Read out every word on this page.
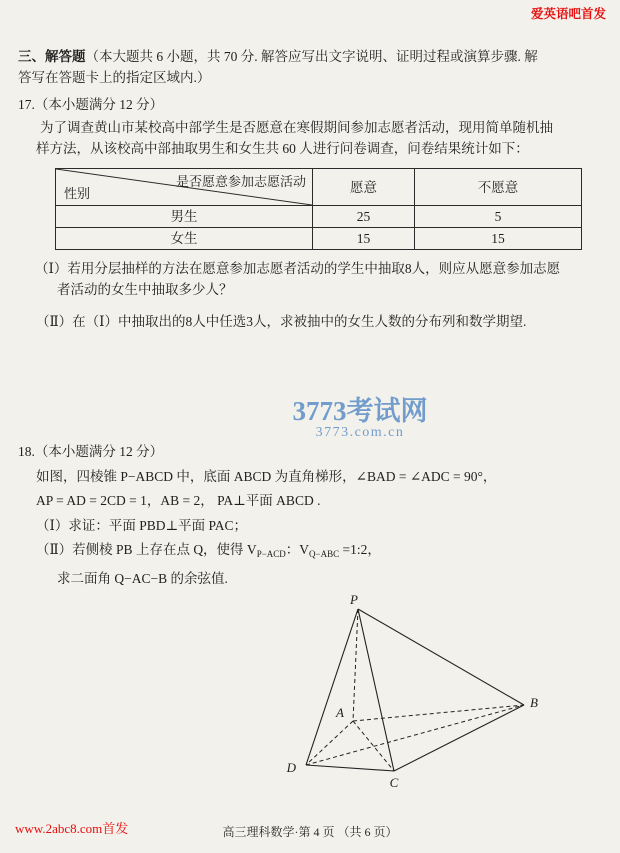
爱英语吧首发

三、解答题（本大题共 6 小题，共 70 分. 解答应写出文字说明、证明过程或演算步骤. 解

答写在答题卡上的指定区域内.）

17.（本小题满分 12 分）

为了调查黄山市某校高中部学生是否愿意在寒假期间参加志愿者活动，现用简单随机抽

样方法，从该校高中部抽取男生和女生共 60 人进行问卷调查，问卷结果统计如下：

是否愿意参加志愿活动
性别	愿意	不愿意
男生	25	5
女生	15	15

（Ⅰ）若用分层抽样的方法在愿意参加志愿者活动的学生中抽取8人，则应从愿意参加志愿

者活动的女生中抽取多少人？

（Ⅱ）在（Ⅰ）中抽取出的8人中任选3人，求被抽中的女生人数的分布列和数学期望.

18.（本小题满分 12 分）

如图，四棱锥 P−ABCD 中，底面 ABCD 为直角梯形，∠BAD = ∠ADC = 90°，

AP = AD = 2CD = 1，AB = 2， PA⊥平面 ABCD .

（Ⅰ）求证：平面 PBD⊥平面 PAC；

（Ⅱ）若侧棱 PB 上存在点 Q，使得 $V_{P-ACD}$：$V_{Q-ABC}$ =1:2，

求二面角 Q−AC−B 的余弦值.

P
A
B
C
D
3773考试网
3773.com.cn
www.2abc8.com首发	高三理科数学·第 4 页 （共 6 页）
